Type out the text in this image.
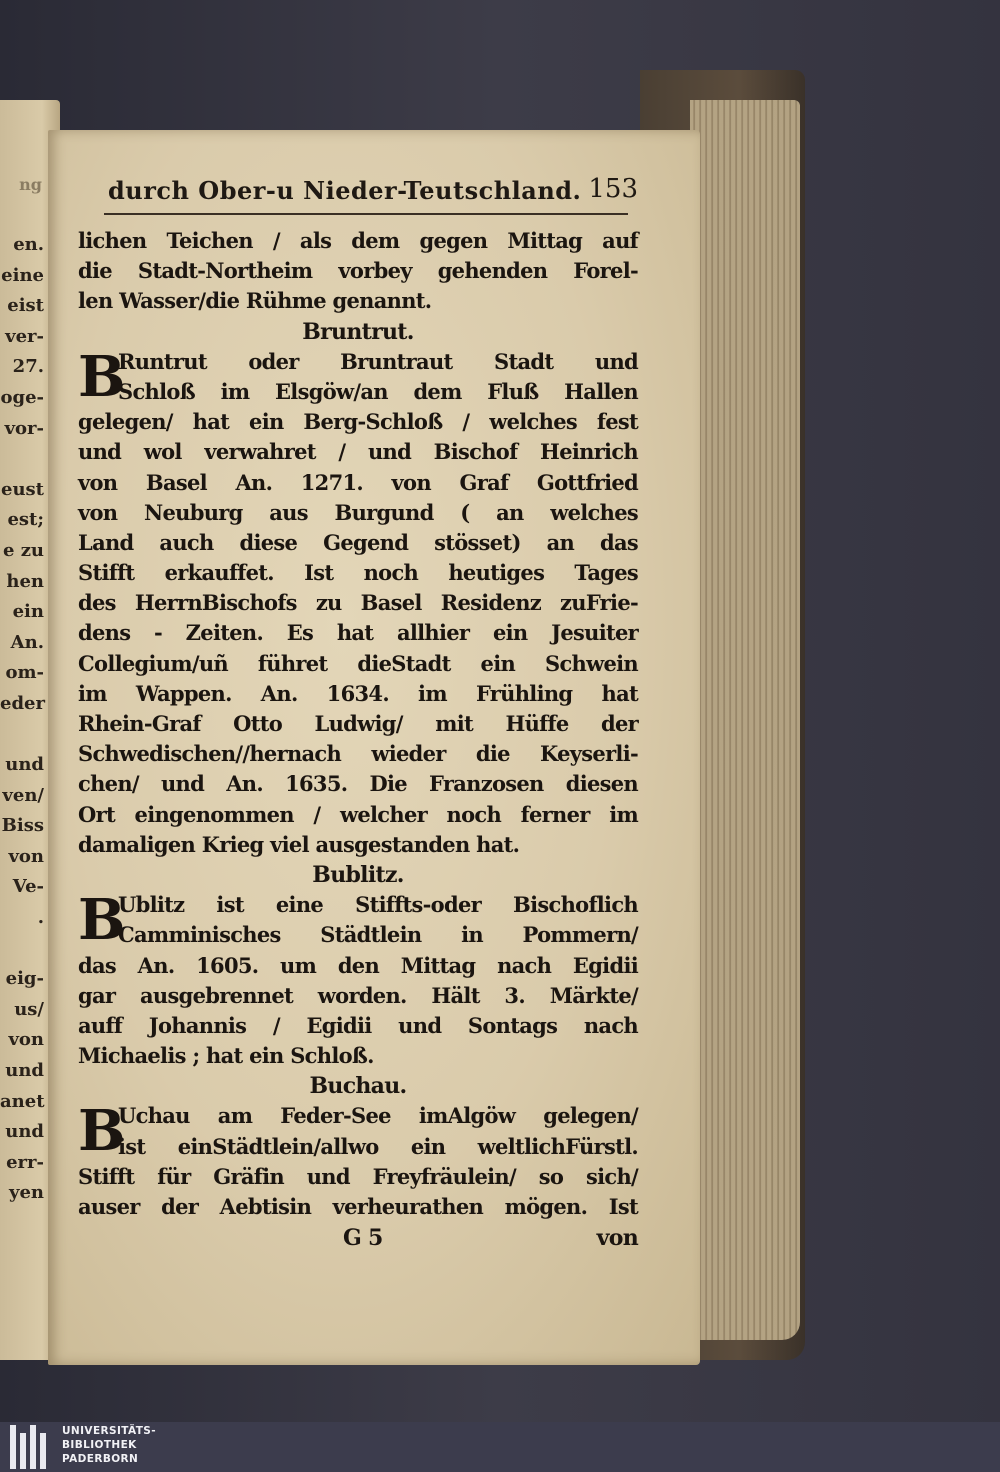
ng
en.
eine
eist
ver-
27.
oge-
vor-
eust
est;
e zu
hen
ein
An.
om-
eder
und
ven/
Biss
von
Ve-
.
eig-
us/
von
und
anet
und
err-
yen
durch Ober-u Nieder-Teutschland. 153
lichen Teichen / als dem gegen Mittag auf
die Stadt-Northeim vorbey gehenden Forel-
len Wasser/die Rühme genannt.
Bruntrut.
B
Runtrut oder Bruntraut Stadt und
Schloß im Elsgöw/an dem Fluß Hallen
gelegen/ hat ein Berg-Schloß / welches fest
und wol verwahret / und Bischof Heinrich
von Basel An. 1271. von Graf Gottfried
von Neuburg aus Burgund ( an welches
Land auch diese Gegend stösset) an das
Stifft erkauffet. Ist noch heutiges Tages
des HerrnBischofs zu Basel Residenz zuFrie-
dens - Zeiten. Es hat allhier ein Jesuiter
Collegium/uñ führet dieStadt ein Schwein
im Wappen. An. 1634. im Frühling hat
Rhein-Graf Otto Ludwig/ mit Hüffe der
Schwedischen//hernach wieder die Keyserli-
chen/ und An. 1635. Die Franzosen diesen
Ort eingenommen / welcher noch ferner im
damaligen Krieg viel ausgestanden hat.
Bublitz.
B
Ublitz ist eine Stiffts-oder Bischoflich
Camminisches Städtlein in Pommern/
das An. 1605. um den Mittag nach Egidii
gar ausgebrennet worden. Hält 3. Märkte/
auff Johannis / Egidii und Sontags nach
Michaelis ; hat ein Schloß.
Buchau.
B
Uchau am Feder-See imAlgöw gelegen/
ist einStädtlein/allwo ein weltlichFürstl.
Stifft für Gräfin und Freyfräulein/ so sich/
auser der Aebtisin verheurathen mögen. Ist
G 5	von
UNIVERSITÄTS-
BIBLIOTHEK
PADERBORN
